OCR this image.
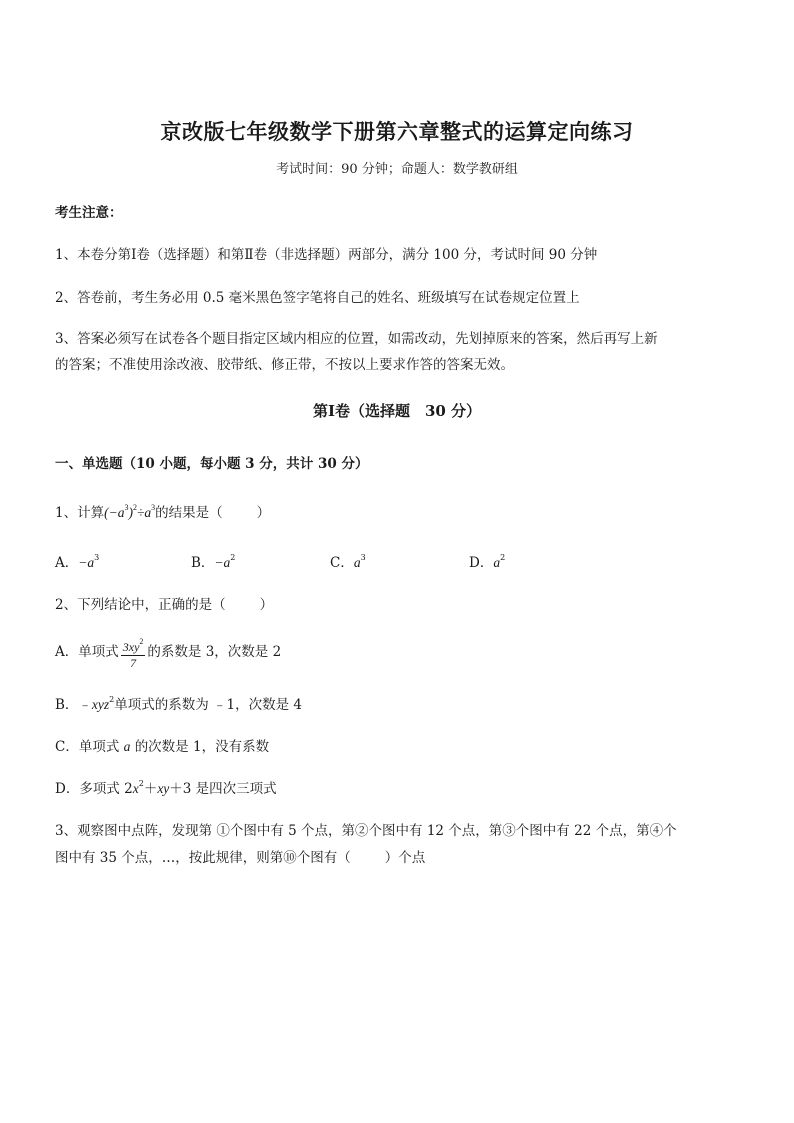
京改版七年级数学下册第六章整式的运算定向练习
考试时间：90 分钟；命题人：数学教研组
考生注意：
1、本卷分第Ⅰ卷（选择题）和第Ⅱ卷（非选择题）两部分，满分 100 分，考试时间 90 分钟
2、答卷前，考生务必用 0.5 毫米黑色签字笔将自己的姓名、班级填写在试卷规定位置上
3、答案必须写在试卷各个题目指定区域内相应的位置，如需改动，先划掉原来的答案，然后再写上新
的答案；不准使用涂改液、胶带纸、修正带，不按以上要求作答的答案无效。
第Ⅰ卷（选择题　30 分）
一、单选题（10 小题，每小题 3 分，共计 30 分）
1、计算$(-a^3)^2\div a^3$的结果是（	）
A．$-a^3$	B．$-a^2$	C．$a^3$	D．$a^2$
2、下列结论中，正确的是（	）
A．单项式 $\frac{3xy^2}{7}$ 的系数是 3，次数是 2
B．﹣xyz$^2$单项式的系数为 ﹣1，次数是 4
C．单项式 a 的次数是 1，没有系数
D．多项式 $2x^2+xy+3$ 是四次三项式
3、观察图中点阵，发现第 ①个图中有 5 个点，第②个图中有 12 个点，第③个图中有 22 个点，第④个
图中有 35 个点，…，按此规律，则第⑩个图有（	）个点
